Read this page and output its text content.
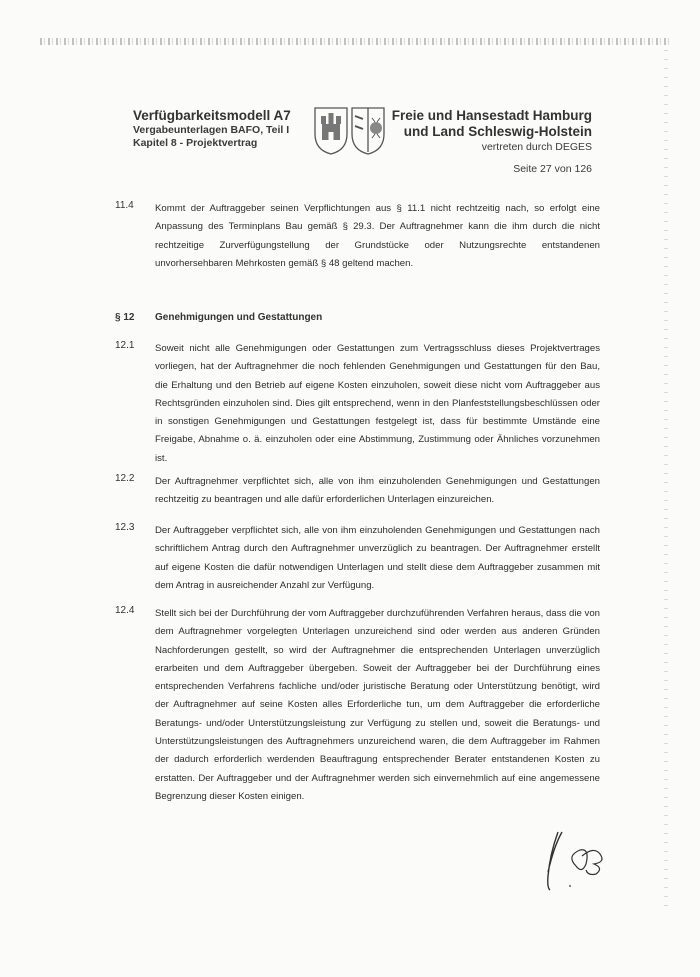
Verfügbarkeitsmodell A7
Vergabeunterlagen BAFO, Teil I
Kapitel 8 - Projektvertrag
Freie und Hansestadt Hamburg
und Land Schleswig-Holstein
vertreten durch DEGES
Seite 27 von 126
11.4 Kommt der Auftraggeber seinen Verpflichtungen aus § 11.1 nicht rechtzeitig nach, so erfolgt eine Anpassung des Terminplans Bau gemäß § 29.3. Der Auftragnehmer kann die ihm durch die nicht rechtzeitige Zurverfügungstellung der Grundstücke oder Nutzungsrechte entstandenen unvorhersehbaren Mehrkosten gemäß § 48 geltend machen.
§ 12 Genehmigungen und Gestattungen
12.1 Soweit nicht alle Genehmigungen oder Gestattungen zum Vertragsschluss dieses Projektvertrages vorliegen, hat der Auftragnehmer die noch fehlenden Genehmigungen und Gestattungen für den Bau, die Erhaltung und den Betrieb auf eigene Kosten einzuholen, soweit diese nicht vom Auftraggeber aus Rechtsgründen einzuholen sind. Dies gilt entsprechend, wenn in den Planfeststellungsbeschlüssen oder in sonstigen Genehmigungen und Gestattungen festgelegt ist, dass für bestimmte Umstände eine Freigabe, Abnahme o. ä. einzuholen oder eine Abstimmung, Zustimmung oder Ähnliches vorzunehmen ist.
12.2 Der Auftragnehmer verpflichtet sich, alle von ihm einzuholenden Genehmigungen und Gestattungen rechtzeitig zu beantragen und alle dafür erforderlichen Unterlagen einzureichen.
12.3 Der Auftraggeber verpflichtet sich, alle von ihm einzuholenden Genehmigungen und Gestattungen nach schriftlichem Antrag durch den Auftragnehmer unverzüglich zu beantragen. Der Auftragnehmer erstellt auf eigene Kosten die dafür notwendigen Unterlagen und stellt diese dem Auftraggeber zusammen mit dem Antrag in ausreichender Anzahl zur Verfügung.
12.4 Stellt sich bei der Durchführung der vom Auftraggeber durchzuführenden Verfahren heraus, dass die von dem Auftragnehmer vorgelegten Unterlagen unzureichend sind oder werden aus anderen Gründen Nachforderungen gestellt, so wird der Auftragnehmer die entsprechenden Unterlagen unverzüglich erarbeiten und dem Auftraggeber übergeben. Soweit der Auftraggeber bei der Durchführung eines entsprechenden Verfahrens fachliche und/oder juristische Beratung oder Unterstützung benötigt, wird der Auftragnehmer auf seine Kosten alles Erforderliche tun, um dem Auftraggeber die erforderliche Beratungs- und/oder Unterstützungsleistung zur Verfügung zu stellen und, soweit die Beratungs- und Unterstützungsleistungen des Auftragnehmers unzureichend waren, die dem Auftraggeber im Rahmen der dadurch erforderlich werdenden Beauftragung entsprechender Berater entstandenen Kosten zu erstatten. Der Auftraggeber und der Auftragnehmer werden sich einvernehmlich auf eine angemessene Begrenzung dieser Kosten einigen.
